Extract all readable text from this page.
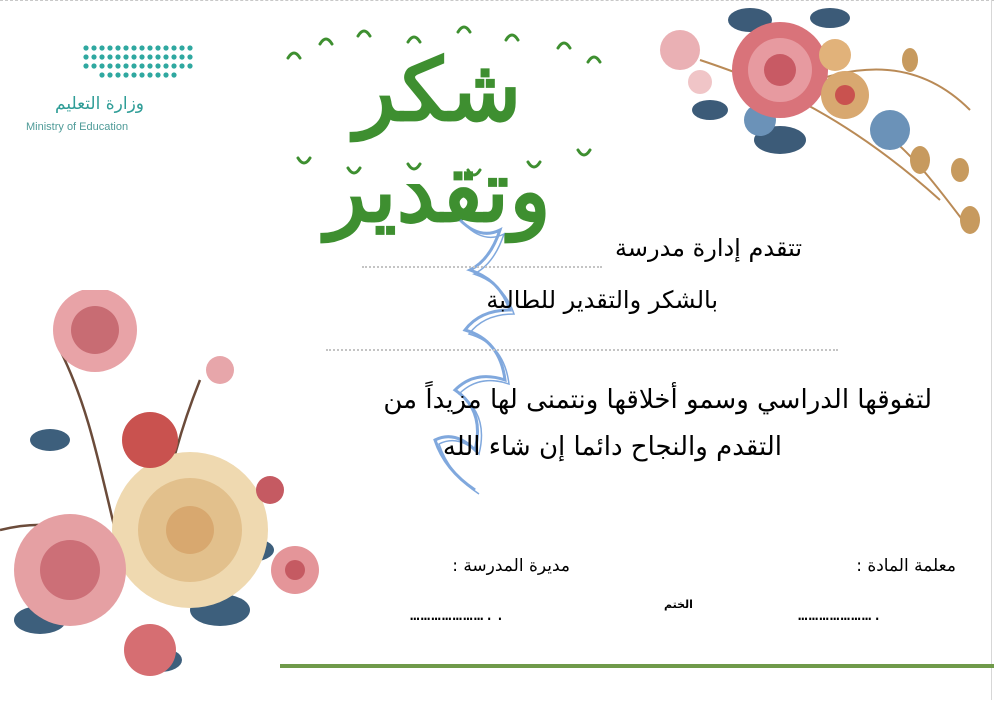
وزارة التعليم
Ministry of Education	شكر وتقدير
تتقدم إدارة مدرسة
بالشكر والتقدير للطالبة
لتفوقها الدراسي وسمو أخلاقها ونتمنى لها مزيداً من
التقدم والنجاح دائما إن شاء الله
معلمة المادة :
مديرة المدرسة :
الختم
…………………..	………………….
